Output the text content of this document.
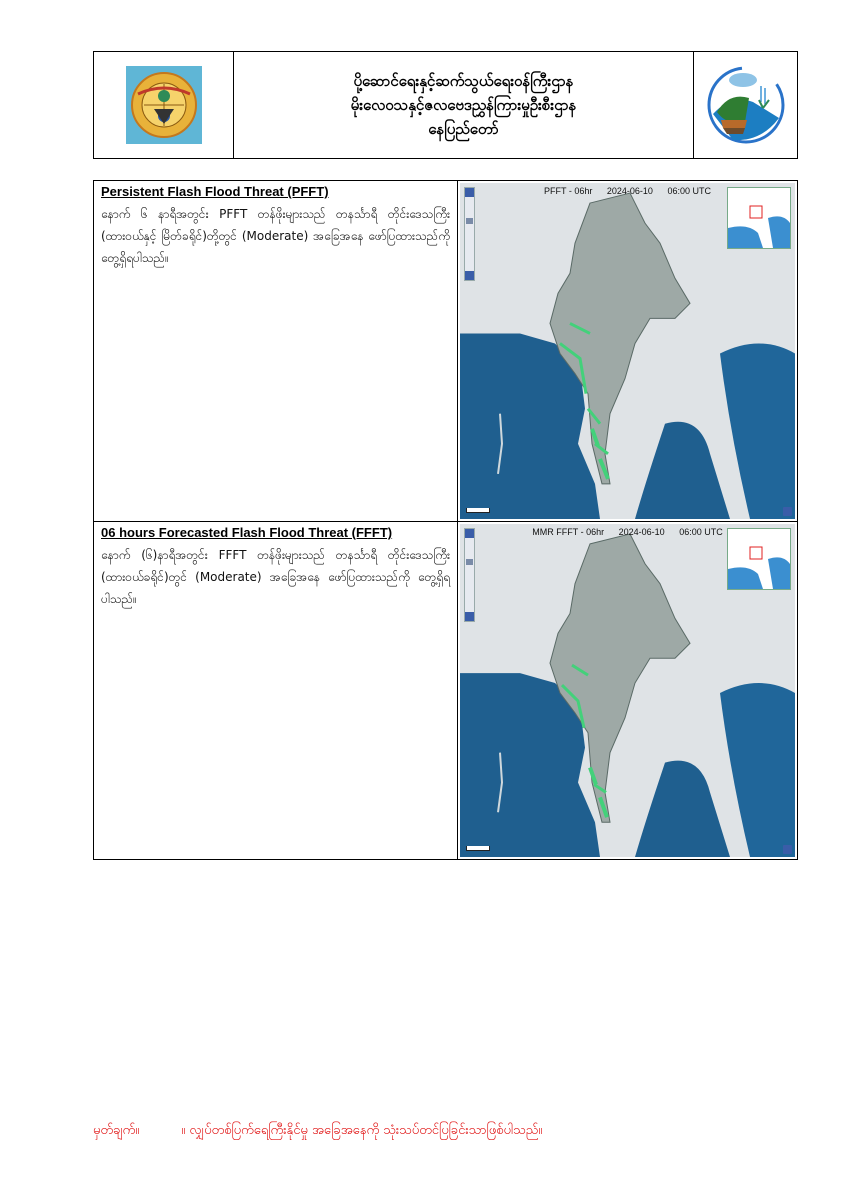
ပို့ဆောင်ရေးနှင့်ဆက်သွယ်ရေးဝန်ကြီးဌာန
မိုးလေဝသနှင့်ဇလဗေဒညွှန်ကြားမှုဦးစီးဌာန
နေပြည်တော်
Persistent Flash Flood Threat (PFFT)
နောက် ၆ နာရီအတွင်း PFFT တန်ဖိုးများသည် တနင်္သာရီ တိုင်းဒေသကြီး (ထားဝယ်နှင့် မြိတ်ခရိုင်)တို့တွင် (Moderate) အခြေအနေ ဖော်ပြထားသည်ကို တွေ့ရှိရပါသည်။
PFFT - 06hr 2024-06-10 06:00 UTC
06 hours Forecasted Flash Flood Threat (FFFT)
နောက် (၆)နာရီအတွင်း FFFT တန်ဖိုးများသည် တနင်္သာရီ တိုင်းဒေသကြီး (ထားဝယ်ခရိုင်)တွင် (Moderate) အခြေအနေ ဖော်ပြထားသည်ကို တွေ့ရှိရပါသည်။
MMR FFFT - 06hr 2024-06-10 06:00 UTC
မှတ်ချက်။	။ လျှပ်တစ်ပြက်ရေကြီးနိုင်မှု အခြေအနေကို သုံးသပ်တင်ပြခြင်းသာဖြစ်ပါသည်။
